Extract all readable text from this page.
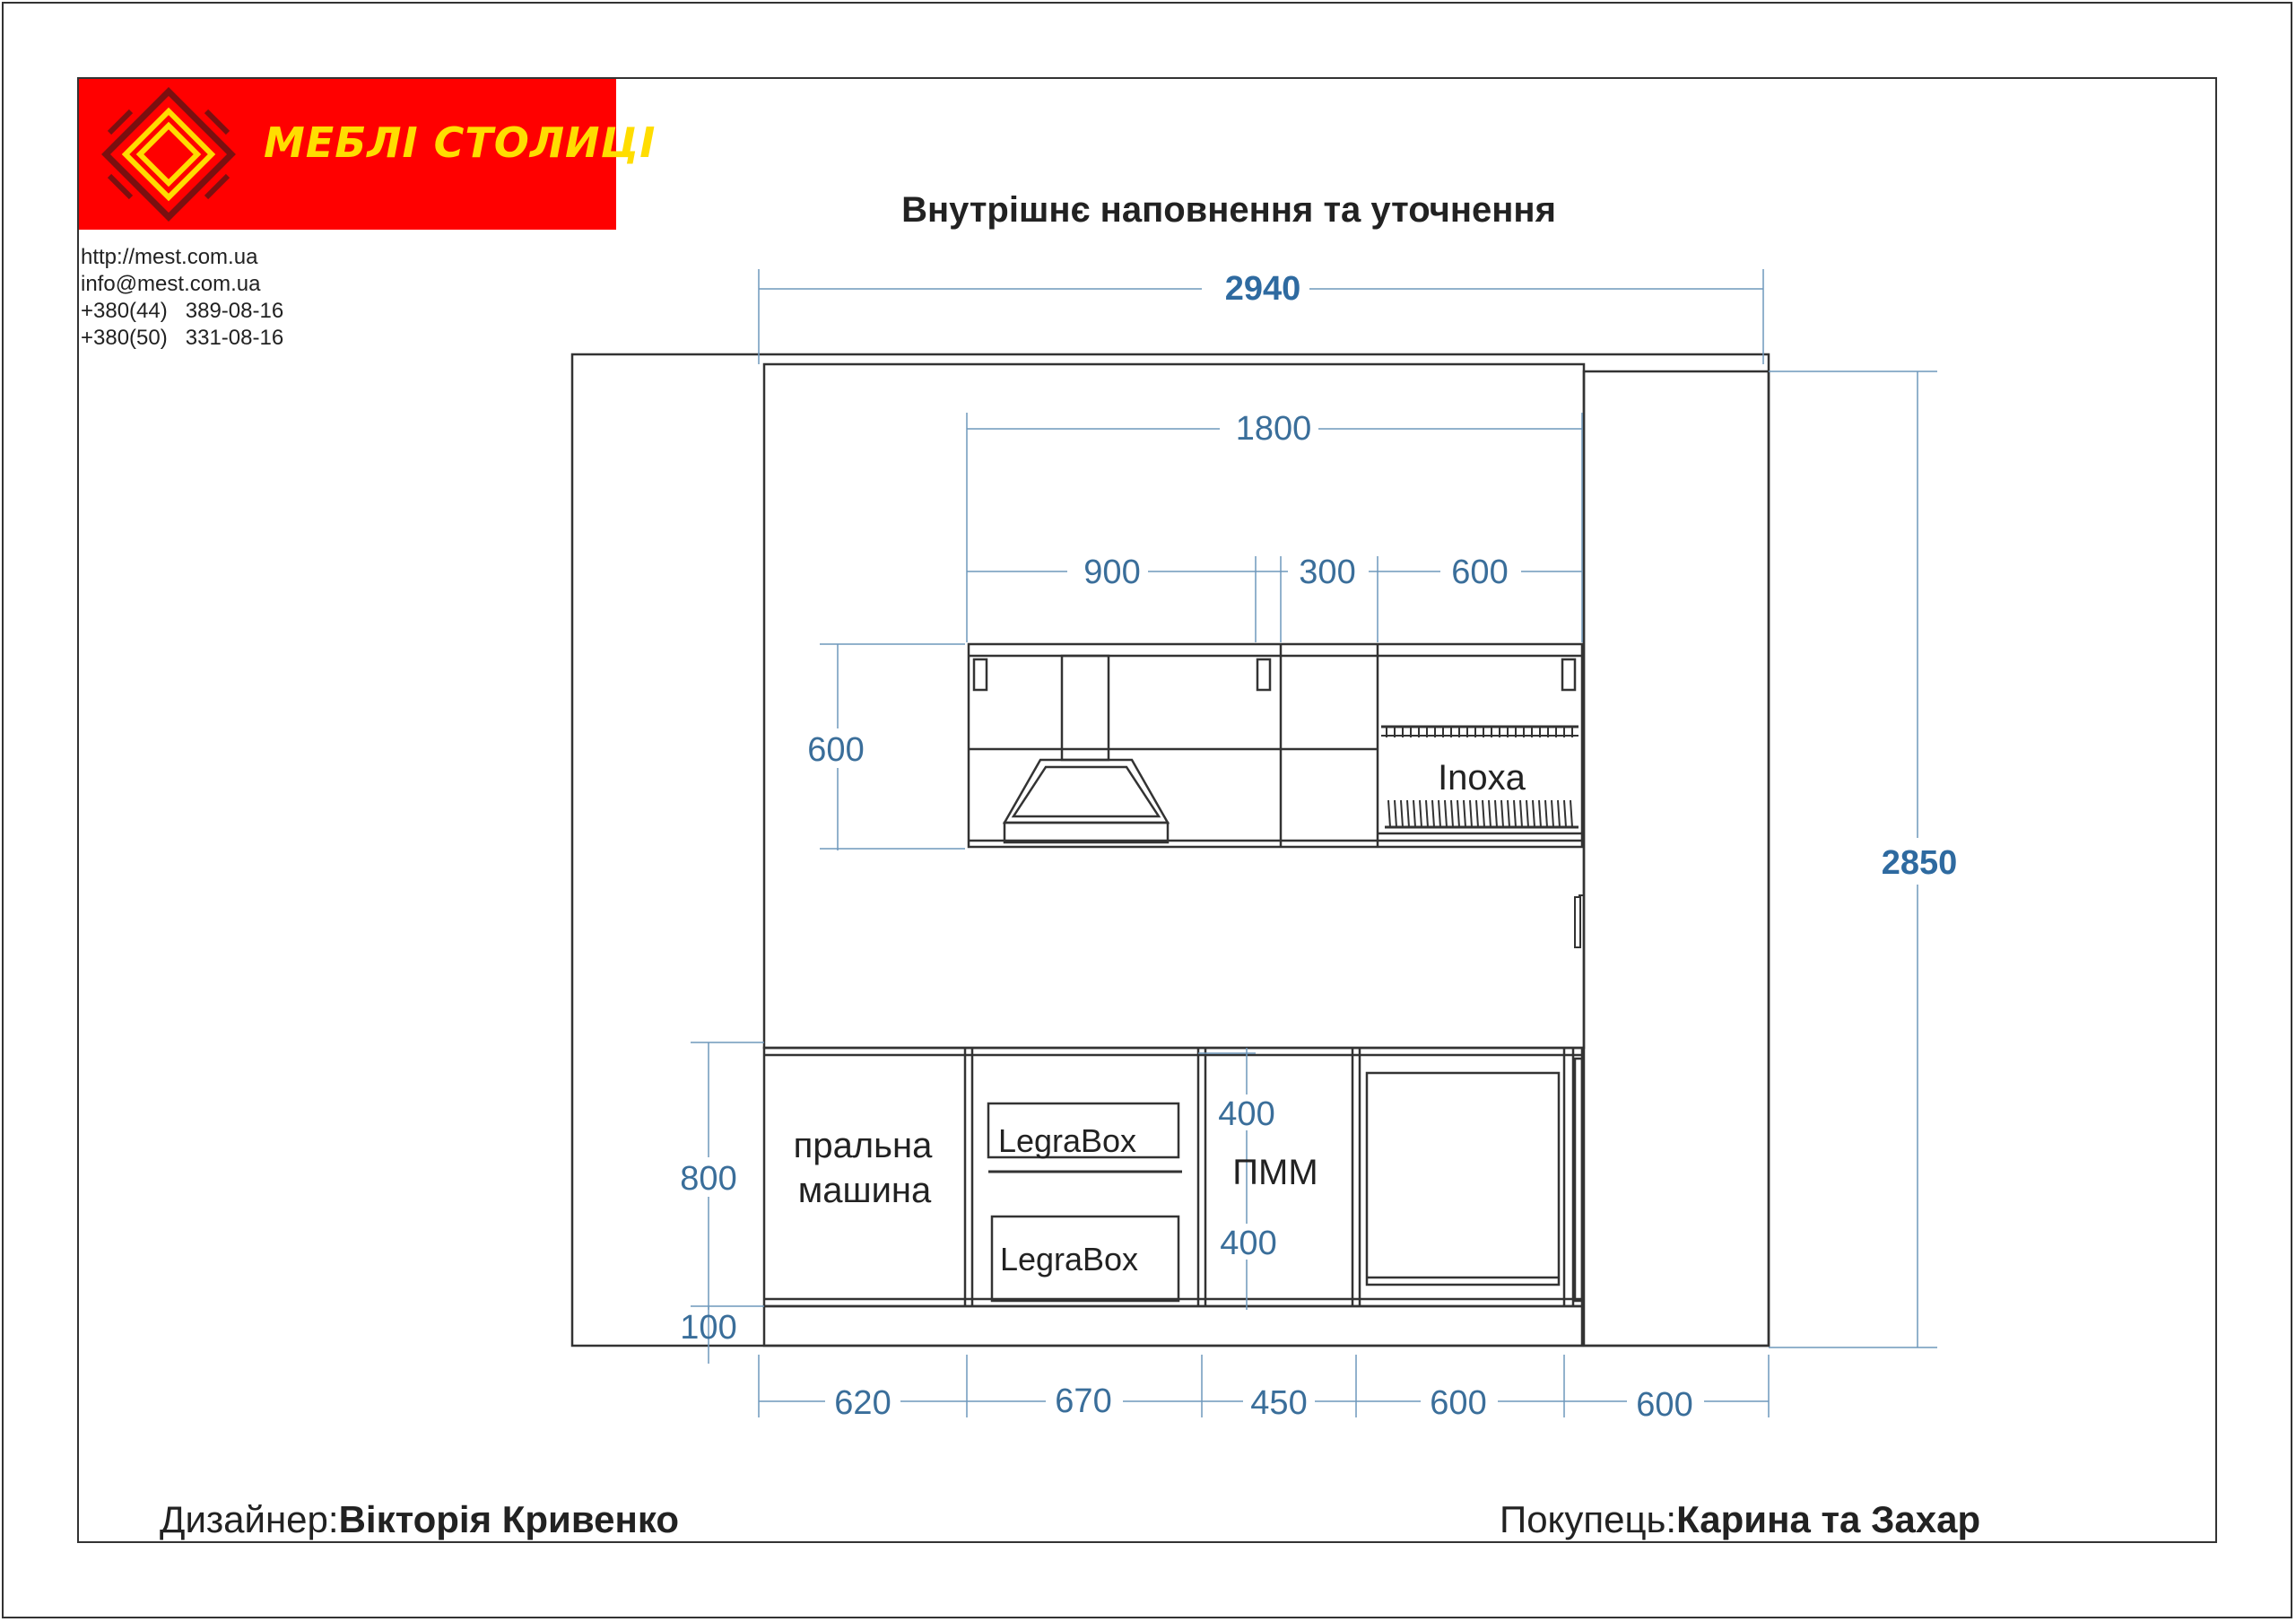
МЕБЛІ СТОЛИЦІ
http://mest.com.ua
info@mest.com.ua
+380(44)   389-08-16
+380(50)   331-08-16
Внутрішнє наповнення та уточнення
2940
1800
900	300	600
600
2850
800
100
400
400
620	670	450	600	600
пральна
машина
LegraBox
LegraBox
ПММ
Inoxa
Дизайнер:Вікторія Кривенко	Покупець:Карина та Захар
